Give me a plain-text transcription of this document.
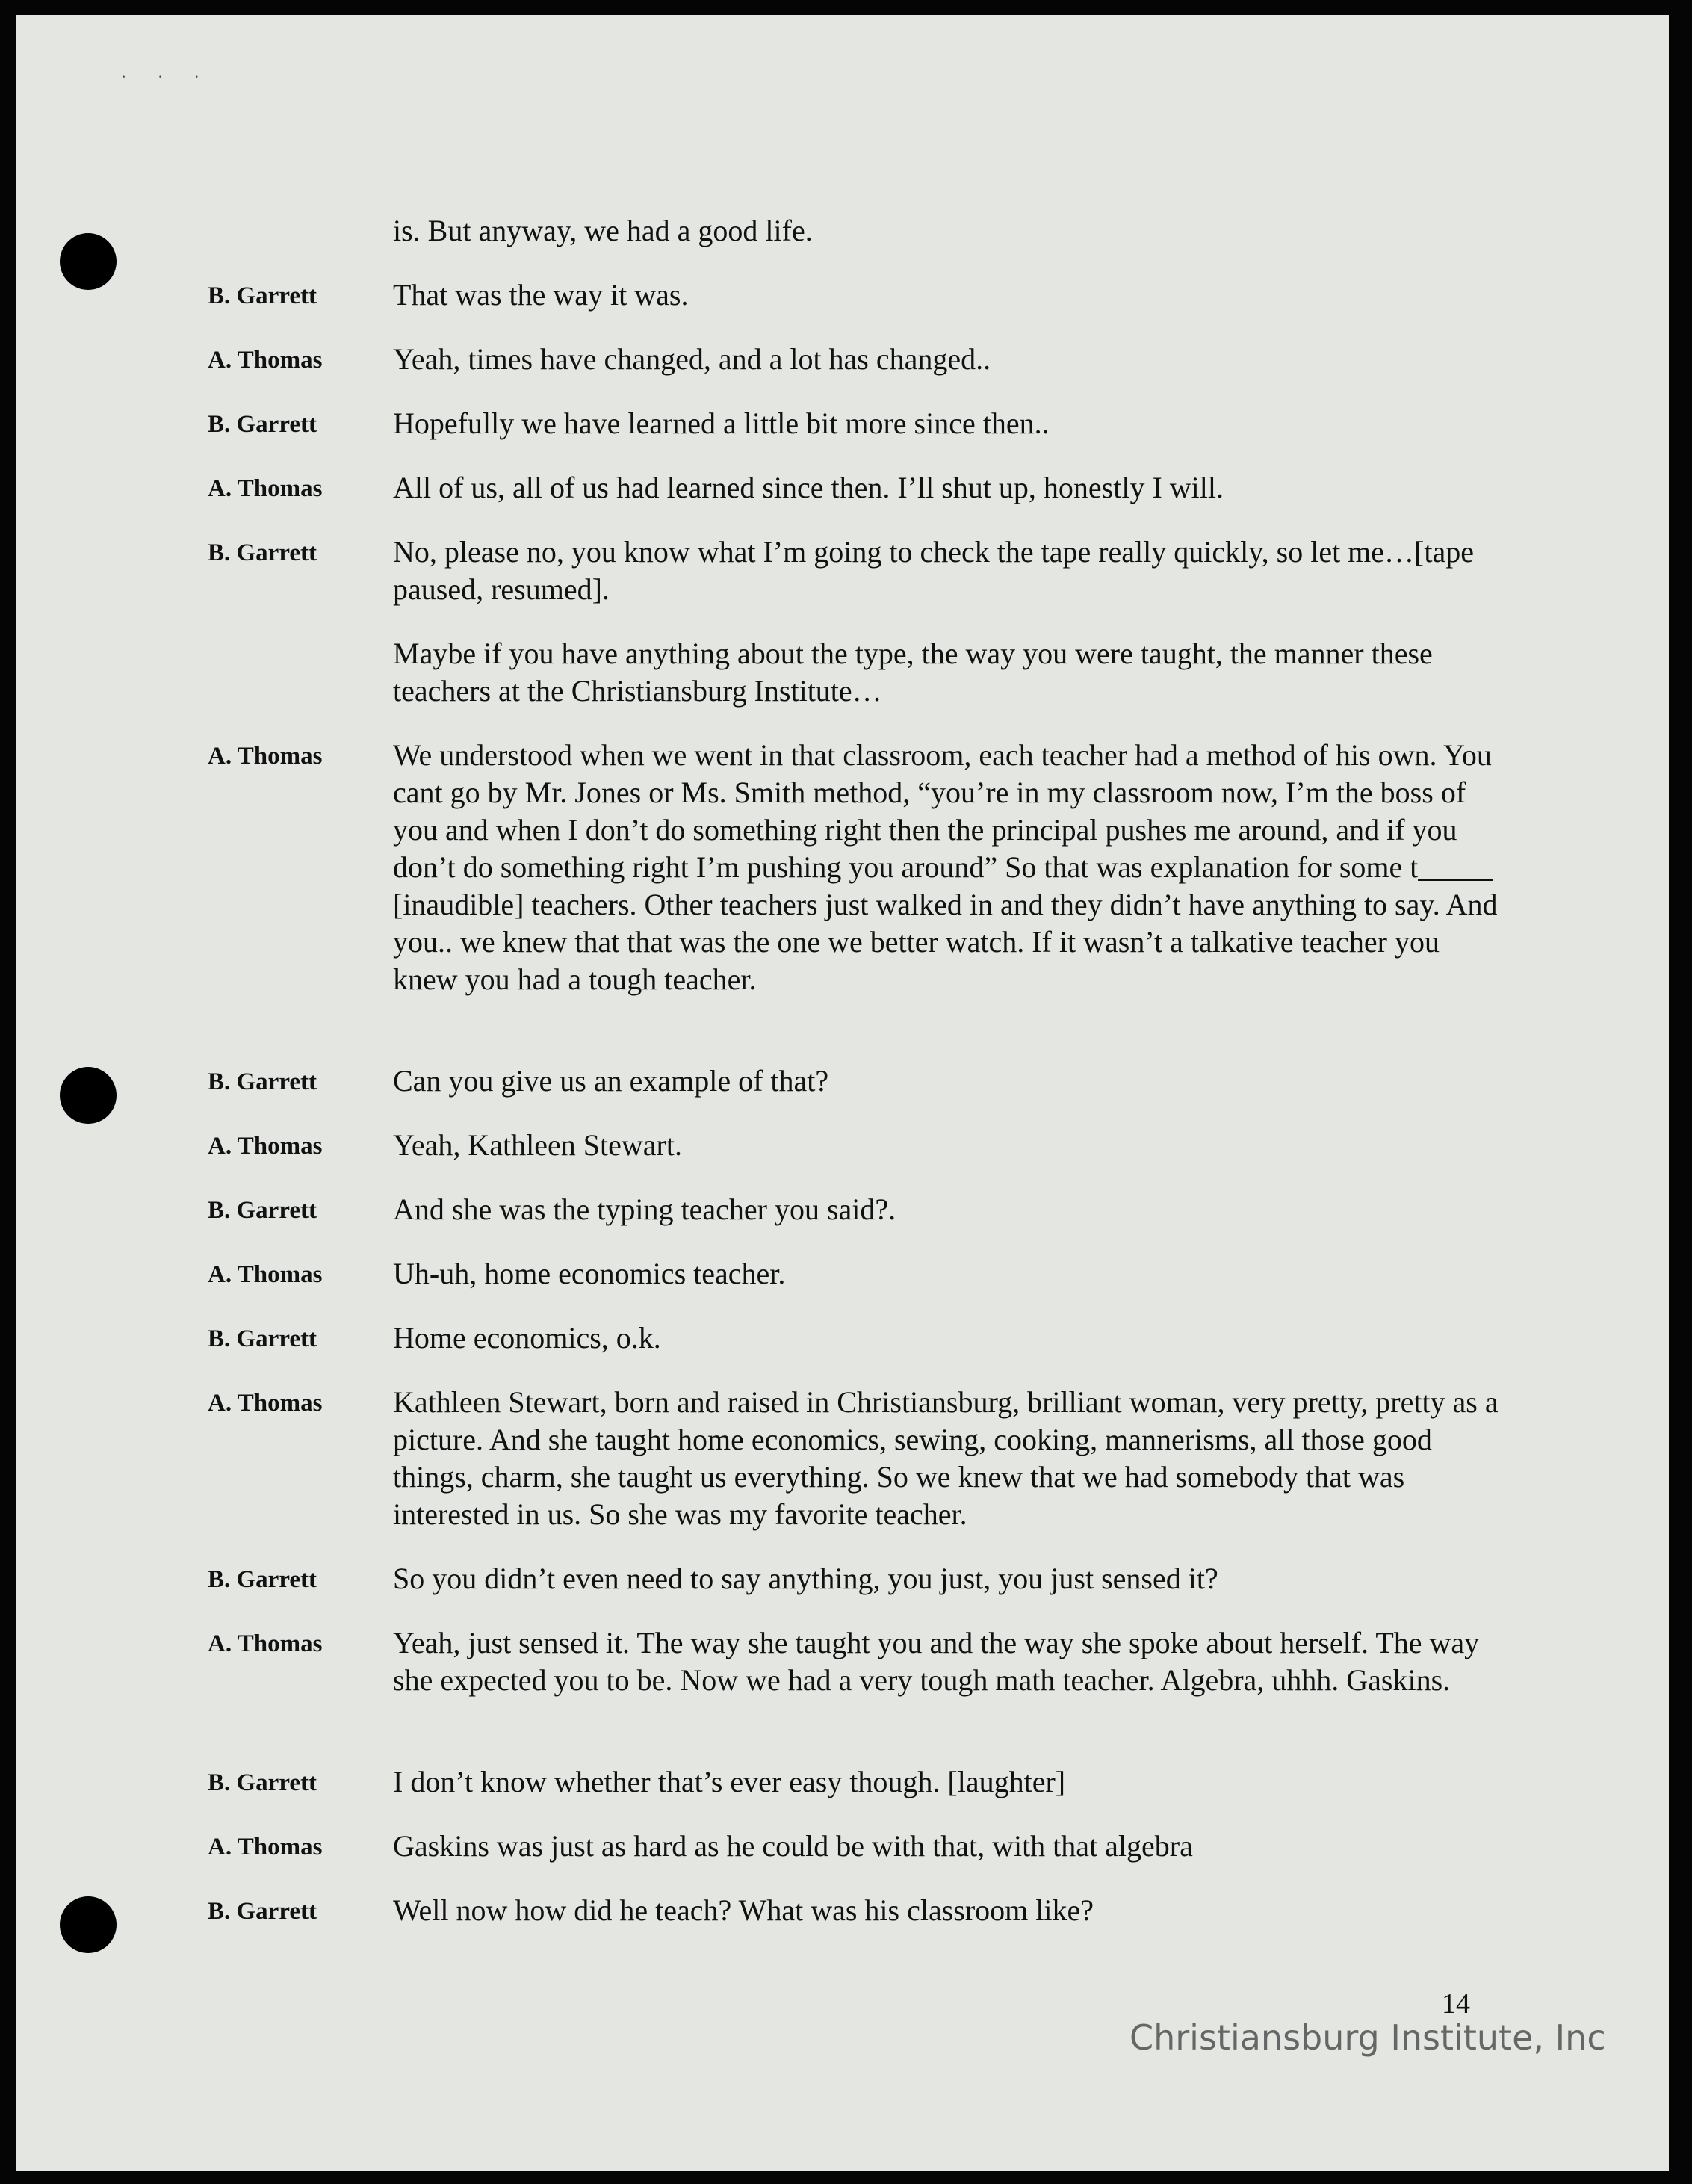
· · ·
is. But anyway, we had a good life.
B. Garrett	That was the way it was.
A. Thomas Yeah, times have changed, and a lot has changed..
B. Garrett	Hopefully we have learned a little bit more since then..
A. Thomas All of us, all of us had learned since then. I’ll shut up, honestly I will.
B. Garrett	No, please no, you know what I’m going to check the tape really quickly, so let me…[tape paused, resumed].
Maybe if you have anything about the type, the way you were taught, the manner these teachers at the Christiansburg Institute…
A. Thomas We understood when we went in that classroom, each teacher had a method of his own. You cant go by Mr. Jones or Ms. Smith method, “you’re in my classroom now, I’m the boss of you and when I don’t do something right then the principal pushes me around, and if you don’t do something right I’m pushing you around” So that was explanation for some t_____ [inaudible] teachers. Other teachers just walked in and they didn’t have anything to say. And you.. we knew that that was the one we better watch. If it wasn’t a talkative teacher you knew you had a tough teacher.
B. Garrett	Can you give us an example of that?
A. Thomas Yeah, Kathleen Stewart.
B. Garrett	And she was the typing teacher you said?.
A. Thomas Uh-uh, home economics teacher.
B. Garrett	Home economics, o.k.
A. Thomas Kathleen Stewart, born and raised in Christiansburg, brilliant woman, very pretty, pretty as a picture. And she taught home economics, sewing, cooking, mannerisms, all those good things, charm, she taught us everything. So we knew that we had somebody that was interested in us. So she was my favorite teacher.
B. Garrett	So you didn’t even need to say anything, you just, you just sensed it?
A. Thomas Yeah, just sensed it. The way she taught you and the way she spoke about herself. The way she expected you to be. Now we had a very tough math teacher. Algebra, uhhh. Gaskins.
B. Garrett	I don’t know whether that’s ever easy though. [laughter]
A. Thomas Gaskins was just as hard as he could be with that, with that algebra
B. Garrett	Well now how did he teach? What was his classroom like?
14
Christiansburg Institute, Inc
